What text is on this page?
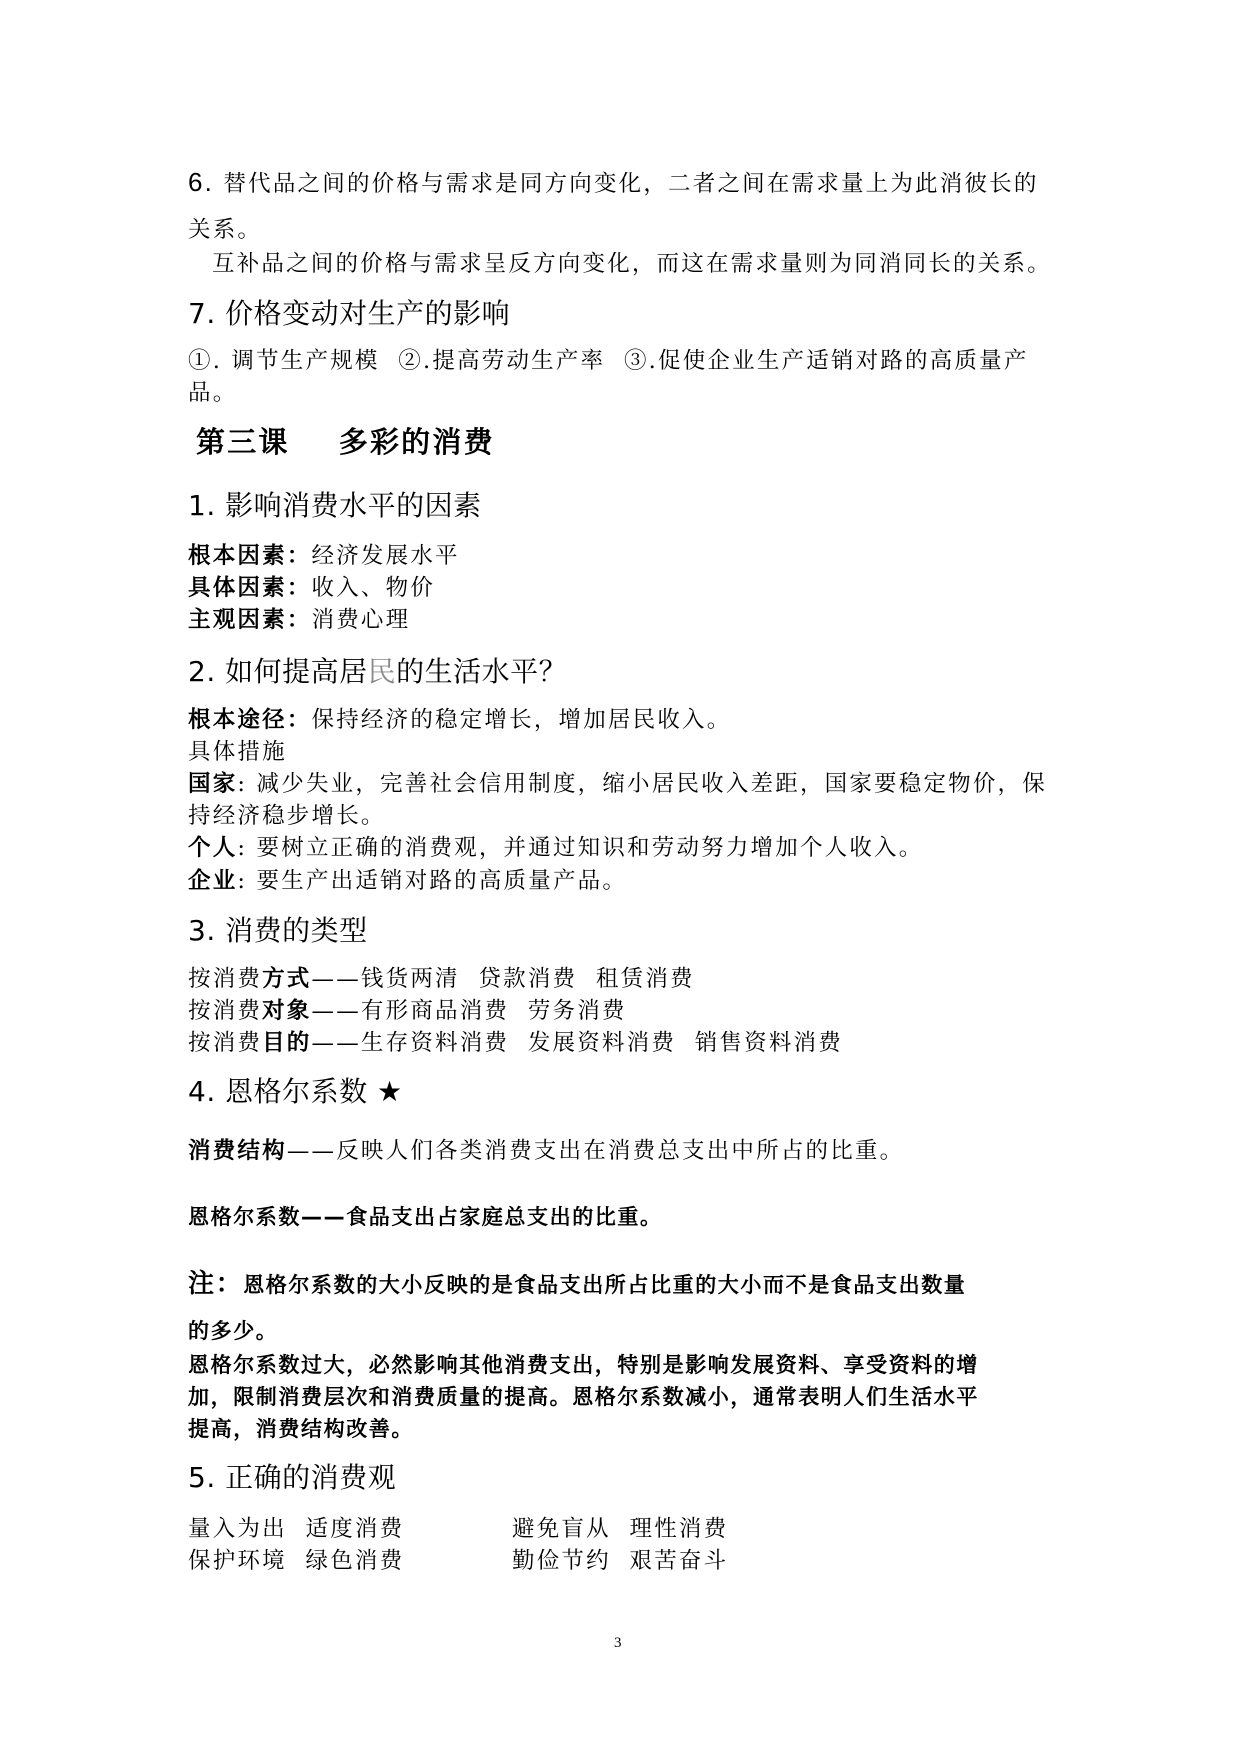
6. 替代品之间的价格与需求是同方向变化，二者之间在需求量上为此消彼长的
关系。
互补品之间的价格与需求呈反方向变化，而这在需求量则为同消同长的关系。
7. 价格变动对生产的影响
①. 调节生产规模  ②.提高劳动生产率  ③.促使企业生产适销对路的高质量产
品。
第三课    多彩的消费
1. 影响消费水平的因素
根本因素：经济发展水平
具体因素：收入、物价
主观因素：消费心理
2. 如何提高居民的生活水平？
根本途径：保持经济的稳定增长，增加居民收入。
具体措施
国家: 减少失业，完善社会信用制度，缩小居民收入差距，国家要稳定物价，保
持经济稳步增长。
个人: 要树立正确的消费观，并通过知识和劳动努力增加个人收入。
企业: 要生产出适销对路的高质量产品。
3. 消费的类型
按消费方式——钱货两清  贷款消费  租赁消费
按消费对象——有形商品消费  劳务消费
按消费目的——生存资料消费  发展资料消费  销售资料消费
4. 恩格尔系数 ★
消费结构——反映人们各类消费支出在消费总支出中所占的比重。
恩格尔系数——食品支出占家庭总支出的比重。
注：恩格尔系数的大小反映的是食品支出所占比重的大小而不是食品支出数量
的多少。
恩格尔系数过大，必然影响其他消费支出，特别是影响发展资料、享受资料的增
加，限制消费层次和消费质量的提高。恩格尔系数减小，通常表明人们生活水平
提高，消费结构改善。
5. 正确的消费观
量入为出  适度消费	避免盲从  理性消费
保护环境  绿色消费	勤俭节约  艰苦奋斗
3
